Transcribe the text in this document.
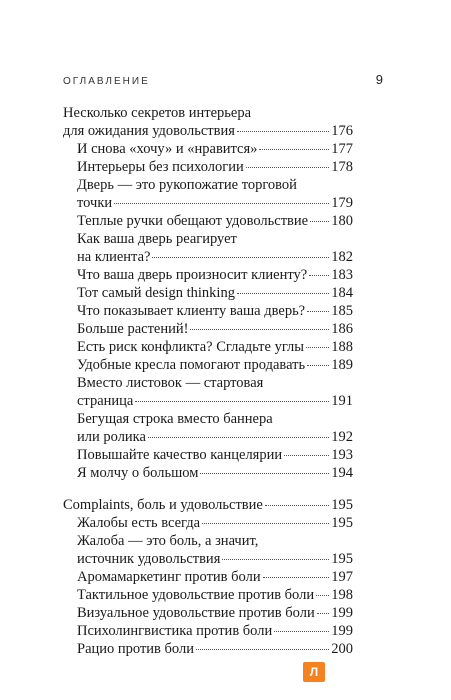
ОГЛАВЛЕНИЕ	9
Несколько секретов интерьера
для ожидания удовольствия	176
И снова «хочу» и «нравится»	177
Интерьеры без психологии	178
Дверь — это рукопожатие торговой
точки	179
Теплые ручки обещают удовольствие 180
Как ваша дверь реагирует
на клиента?	182
Что ваша дверь произносит клиенту? 183
Тот самый design thinking	184
Что показывает клиенту ваша дверь? 185
Больше растений!	186
Есть риск конфликта? Сгладьте углы 188
Удобные кресла помогают продавать 189
Вместо листовок — стартовая
страница	191
Бегущая строка вместо баннера
или ролика	192
Повышайте качество канцелярии	193
Я молчу о большом	194
Complaints, боль и удовольствие	195
Жалобы есть всегда	195
Жалоба — это боль, а значит,
источник удовольствия	195
Аромамаркетинг против боли	197
Тактильное удовольствие против боли 198
Визуальное удовольствие против боли 199
Психолингвистика против боли	199
Рацио против боли	200
Л
